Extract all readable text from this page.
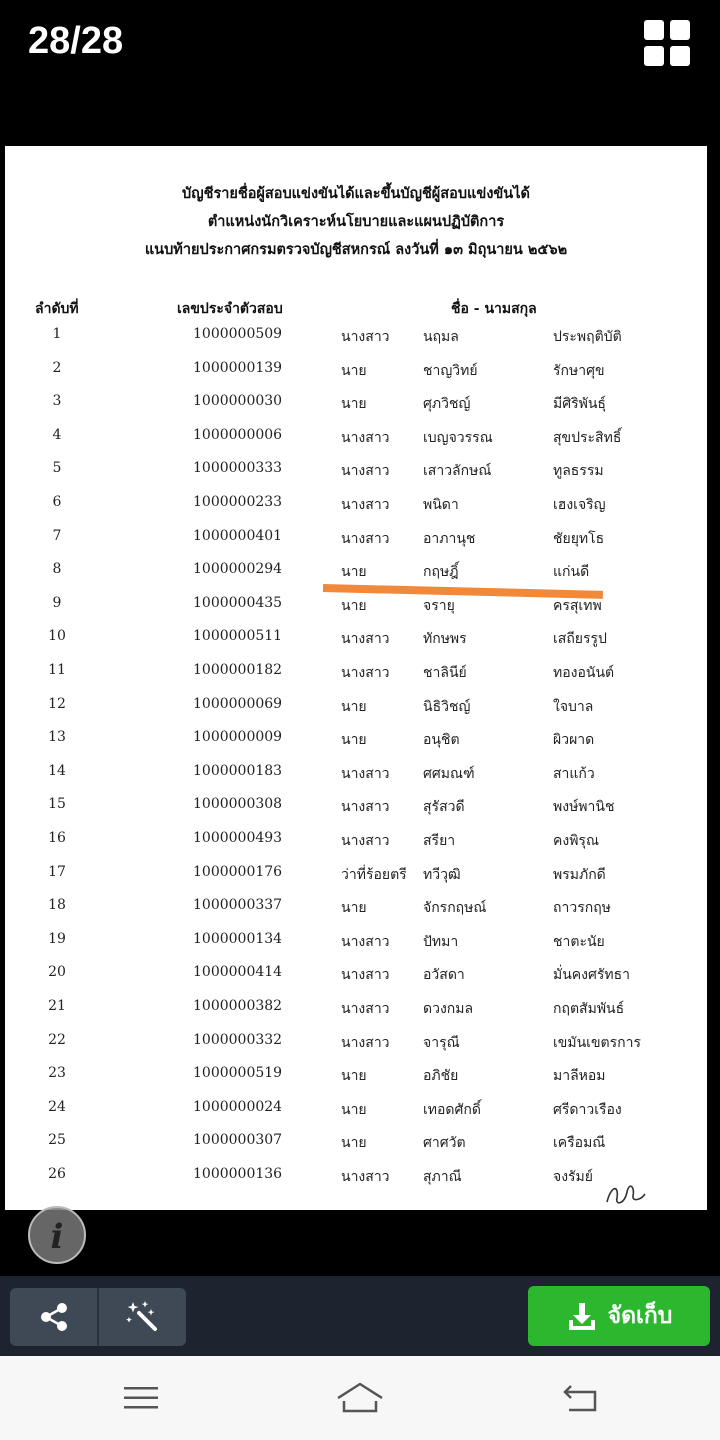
28/28
บัญชีรายชื่อผู้สอบแข่งขันได้และขึ้นบัญชีผู้สอบแข่งขันได้
ตำแหน่งนักวิเคราะห์นโยบายและแผนปฏิบัติการ
แนบท้ายประกาศกรมตรวจบัญชีสหกรณ์ ลงวันที่ ๑๓ มิถุนายน ๒๕๖๒
ลำดับที่	เลขประจำตัวสอบ	ชื่อ - นามสกุล
1	1000000509	นางสาว นฤมล	ประพฤติบัติ
2	1000000139	นาย	ชาญวิทย์	รักษาศุข
3	1000000030	นาย	ศุภวิชญ์	มีศิริพันธุ์
4	1000000006	นางสาว เบญจวรรณ	สุขประสิทธิ์
5	1000000333	นางสาว เสาวลักษณ์	ทูลธรรม
6	1000000233	นางสาว พนิดา	เฮงเจริญ
7	1000000401	นางสาว อาภานุช	ชัยยุทโธ
8	1000000294	นาย	กฤษฎิ์	แก่นดี
9	1000000435	นาย	จรายุ	ครสุเทพ
10	1000000511	นางสาว ทักษพร	เสถียรรูป
11	1000000182	นางสาว ชาลินีย์	ทองอนันต์
12	1000000069	นาย	นิธิวิชญ์	ใจบาล
13	1000000009	นาย	อนุชิต	ผิวผาด
14	1000000183	นางสาว ศศมณฑ์	สาแก้ว
15	1000000308	นางสาว สุรัสวดี	พงษ์พานิช
16	1000000493	นางสาว สรียา	คงพิรุณ
17	1000000176	ว่าที่ร้อยตรี ทวีวุฒิ	พรมภักดี
18	1000000337	นาย	จักรกฤษณ์	ถาวรกฤษ
19	1000000134	นางสาว ปัทมา	ชาตะนัย
20	1000000414	นางสาว อวัสดา	มั่นคงศรัทธา
21	1000000382	นางสาว ดวงกมล	กฤตสัมพันธ์
22	1000000332	นางสาว จารุณี	เขมันเขตรการ
23	1000000519	นาย	อภิชัย	มาลีหอม
24	1000000024	นาย	เทอดศักดิ์	ศรีดาวเรือง
25	1000000307	นาย	ศาศวัต	เครือมณี
26	1000000136	นางสาว สุภาณี	จงรัมย์
i
จัดเก็บ
